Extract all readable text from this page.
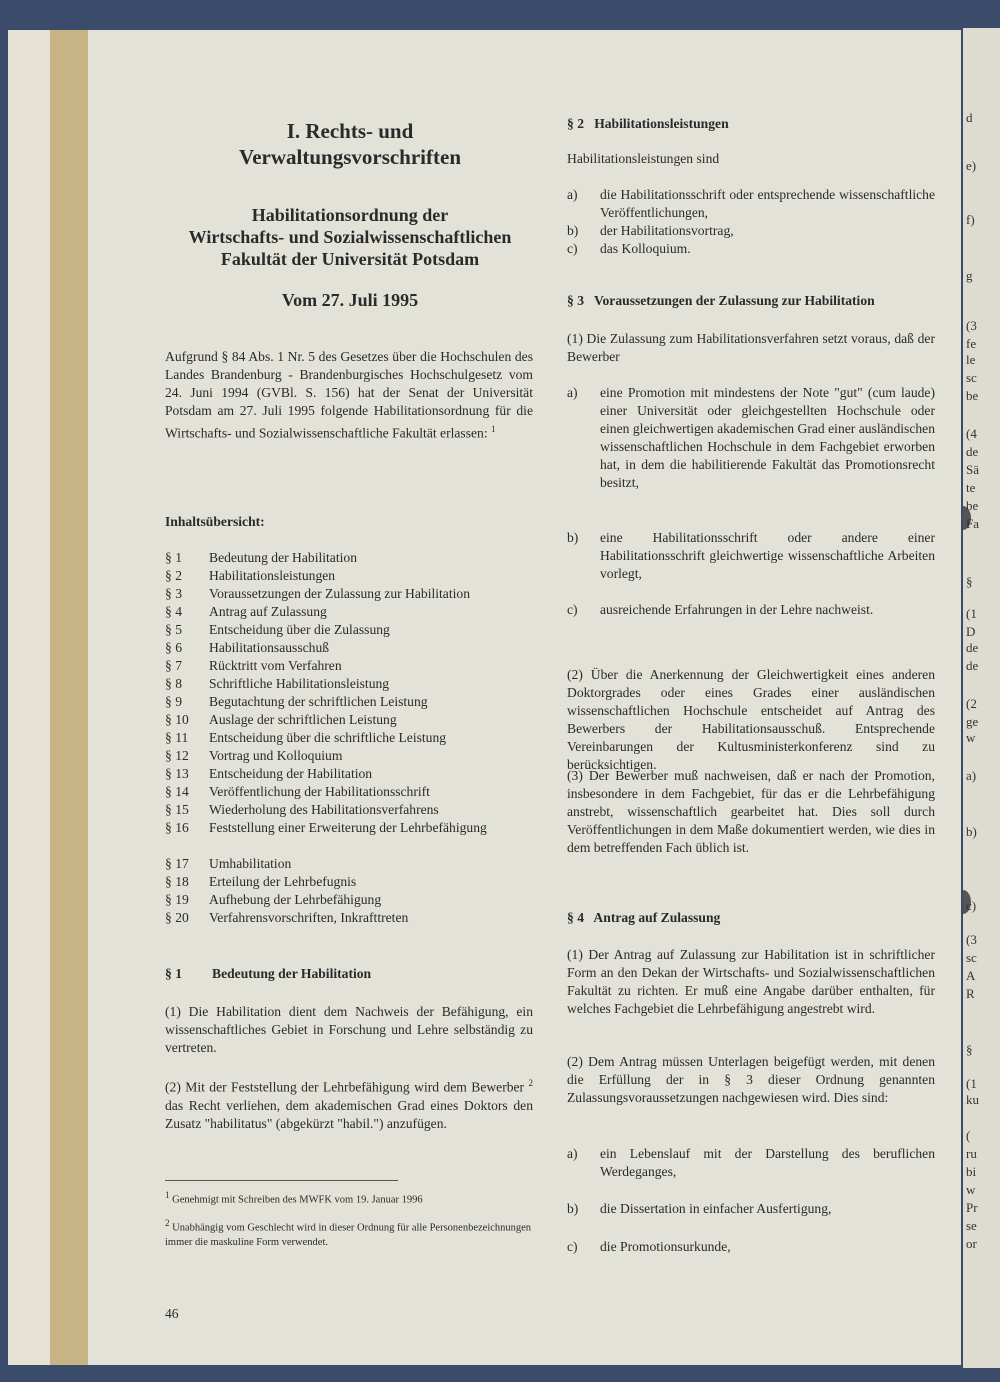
I. Rechts- und
Verwaltungsvorschriften
Habilitationsordnung der
Wirtschafts- und Sozialwissenschaftlichen
Fakultät der Universität Potsdam
Vom 27. Juli 1995
Aufgrund § 84 Abs. 1 Nr. 5 des Gesetzes über die Hochschulen des Landes Brandenburg - Brandenburgisches Hochschulgesetz vom 24. Juni 1994 (GVBl. S. 156) hat der Senat der Universität Potsdam am 27. Juli 1995 folgende Habilitationsordnung für die Wirtschafts- und Sozialwissenschaftliche Fakultät erlassen: $^1$
Inhaltsübersicht:
§ 1	Bedeutung der Habilitation
§ 2	Habilitationsleistungen
§ 3	Voraussetzungen der Zulassung zur Habilitation
§ 4	Antrag auf Zulassung
§ 5	Entscheidung über die Zulassung
§ 6	Habilitationsausschuß
§ 7	Rücktritt vom Verfahren
§ 8	Schriftliche Habilitationsleistung
§ 9	Begutachtung der schriftlichen Leistung
§ 10	Auslage der schriftlichen Leistung
§ 11	Entscheidung über die schriftliche Leistung
§ 12	Vortrag und Kolloquium
§ 13	Entscheidung der Habilitation
§ 14	Veröffentlichung der Habilitationsschrift
§ 15	Wiederholung des Habilitationsverfahrens
§ 16	Feststellung einer Erweiterung der Lehrbefähigung
§ 17	Umhabilitation
§ 18	Erteilung der Lehrbefugnis
§ 19	Aufhebung der Lehrbefähigung
§ 20	Verfahrensvorschriften, Inkrafttreten
§ 1 Bedeutung der Habilitation
(1) Die Habilitation dient dem Nachweis der Befähigung, ein wissenschaftliches Gebiet in Forschung und Lehre selbständig zu vertreten.
(2) Mit der Feststellung der Lehrbefähigung wird dem Bewerber $^2$ das Recht verliehen, dem akademischen Grad eines Doktors den Zusatz "habilitatus" (abgekürzt "habil.") anzufügen.
$^1$ Genehmigt mit Schreiben des MWFK vom 19. Januar 1996
$^2$ Unabhängig vom Geschlecht wird in dieser Ordnung für alle Personenbezeichnungen immer die maskuline Form verwendet.
46
§ 2   Habilitationsleistungen
Habilitationsleistungen sind
a) die Habilitationsschrift oder entsprechende wissenschaftliche Veröffentlichungen,
b) der Habilitationsvortrag,
c) das Kolloquium.
§ 3   Voraussetzungen der Zulassung zur Habilitation
(1) Die Zulassung zum Habilitationsverfahren setzt voraus, daß der Bewerber
a) eine Promotion mit mindestens der Note "gut" (cum laude) einer Universität oder gleichgestellten Hochschule oder einen gleichwertigen akademischen Grad einer ausländischen wissenschaftlichen Hochschule in dem Fachgebiet erworben hat, in dem die habilitierende Fakultät das Promotionsrecht besitzt,
b) eine Habilitationsschrift oder andere einer Habilitationsschrift gleichwertige wissenschaftliche Arbeiten vorlegt,
c) ausreichende Erfahrungen in der Lehre nachweist.
(2) Über die Anerkennung der Gleichwertigkeit eines anderen Doktorgrades oder eines Grades einer ausländischen wissenschaftlichen Hochschule entscheidet auf Antrag des Bewerbers der Habilitationsausschuß. Entsprechende Vereinbarungen der Kultusministerkonferenz sind zu berücksichtigen.
(3) Der Bewerber muß nachweisen, daß er nach der Promotion, insbesondere in dem Fachgebiet, für das er die Lehrbefähigung anstrebt, wissenschaftlich gearbeitet hat. Dies soll durch Veröffentlichungen in dem Maße dokumentiert werden, wie dies in dem betreffenden Fach üblich ist.
§ 4   Antrag auf Zulassung
(1) Der Antrag auf Zulassung zur Habilitation ist in schriftlicher Form an den Dekan der Wirtschafts- und Sozialwissenschaftlichen Fakultät zu richten. Er muß eine Angabe darüber enthalten, für welches Fachgebiet die Lehrbefähigung angestrebt wird.
(2) Dem Antrag müssen Unterlagen beigefügt werden, mit denen die Erfüllung der in § 3 dieser Ordnung genannten Zulassungsvoraussetzungen nachgewiesen wird. Dies sind:
a) ein Lebenslauf mit der Darstellung des beruflichen Werdeganges,
b) die Dissertation in einfacher Ausfertigung,
c) die Promotionsurkunde,
d
e)
f)
g
(3
fe
le
sc
be
(4
de
Sä
te
be
Fa
§
(1
D
de
de
(2
ge
w
a)
b)
c)
(3
sc
A
R
§
(1
ku
(
ru
bi
w
Pr
se
or
